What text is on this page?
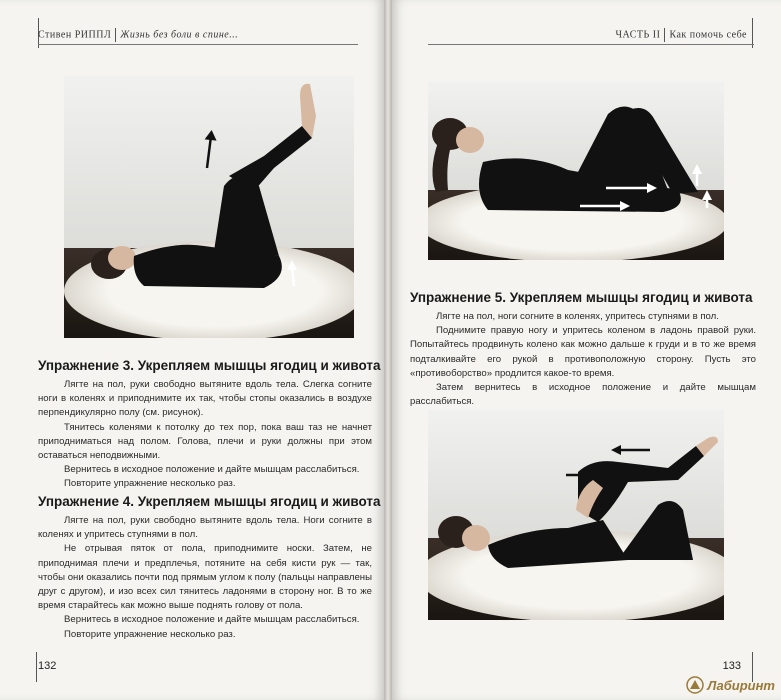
Стивен РИППЛ Жизнь без боли в спине...
Упражнение 3. Укрепляем мышцы ягодиц и живота

Лягте на пол, руки свободно вытяните вдоль тела. Слегка согните ноги в коленях и приподнимите их так, чтобы стопы оказались в воздухе перпендикулярно полу (см. рисунок).

Тянитесь коленями к потолку до тех пор, пока ваш таз не начнет приподниматься над полом. Голова, плечи и руки должны при этом оставаться неподвижными.

Вернитесь в исходное положение и дайте мышцам расслабиться.

Повторите упражнение несколько раз.

Упражнение 4. Укрепляем мышцы ягодиц и живота

Лягте на пол, руки свободно вытяните вдоль тела. Ноги согните в коленях и упритесь ступнями в пол.

Не отрывая пяток от пола, приподнимите носки. Затем, не приподнимая плечи и предплечья, потяните на себя кисти рук — так, чтобы они оказались почти под прямым углом к полу (пальцы направлены друг с другом), и изо всех сил тянитесь ладонями в сторону ног. В то же время старайтесь как можно выше поднять голову от пола.

Вернитесь в исходное положение и дайте мышцам расслабиться.

Повторите упражнение несколько раз.

132
ЧАСТЬ II Как помочь себе
Упражнение 5. Укрепляем мышцы ягодиц и живота

Лягте на пол, ноги согните в коленях, упритесь ступнями в пол.

Поднимите правую ногу и упритесь коленом в ладонь правой руки. Попытайтесь продвинуть колено как можно дальше к груди и в то же время подталкивайте его рукой в противоположную сторону. Пусть это «противоборство» продлится какое-то время.

Затем вернитесь в исходное положение и дайте мышцам расслабиться.

133
Лабиринт
